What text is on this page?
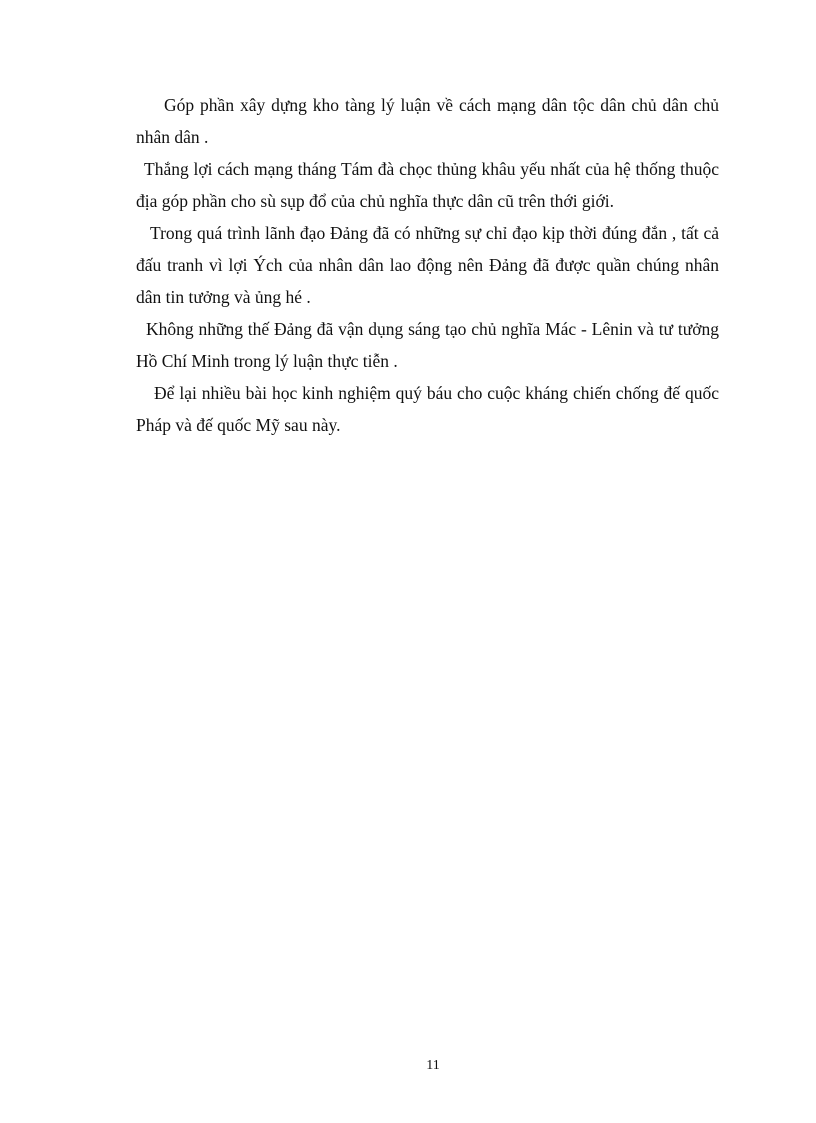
Góp phần xây dựng kho tàng lý luận về cách mạng dân tộc dân chủ dân chủ nhân dân .

Thắng lợi cách mạng tháng Tám đà chọc thủng khâu yếu nhất của hệ thống thuộc địa góp phần cho sù sụp đổ của chủ nghĩa thực dân cũ trên thới giới.

Trong quá trình lãnh đạo Đảng đã có những sự chỉ đạo kịp thời đúng đắn , tất cả đấu tranh vì lợi Ých của nhân dân lao động nên Đảng đã được quần chúng nhân dân tin tưởng và ủng hé .

Không những thế Đảng đã vận dụng sáng tạo chủ nghĩa Mác - Lênin và tư tưởng Hồ Chí Minh trong lý luận thực tiễn .

Để lại nhiều bài học kinh nghiệm quý báu cho cuộc kháng chiến chống đế quốc Pháp và đế quốc Mỹ sau này.

11
